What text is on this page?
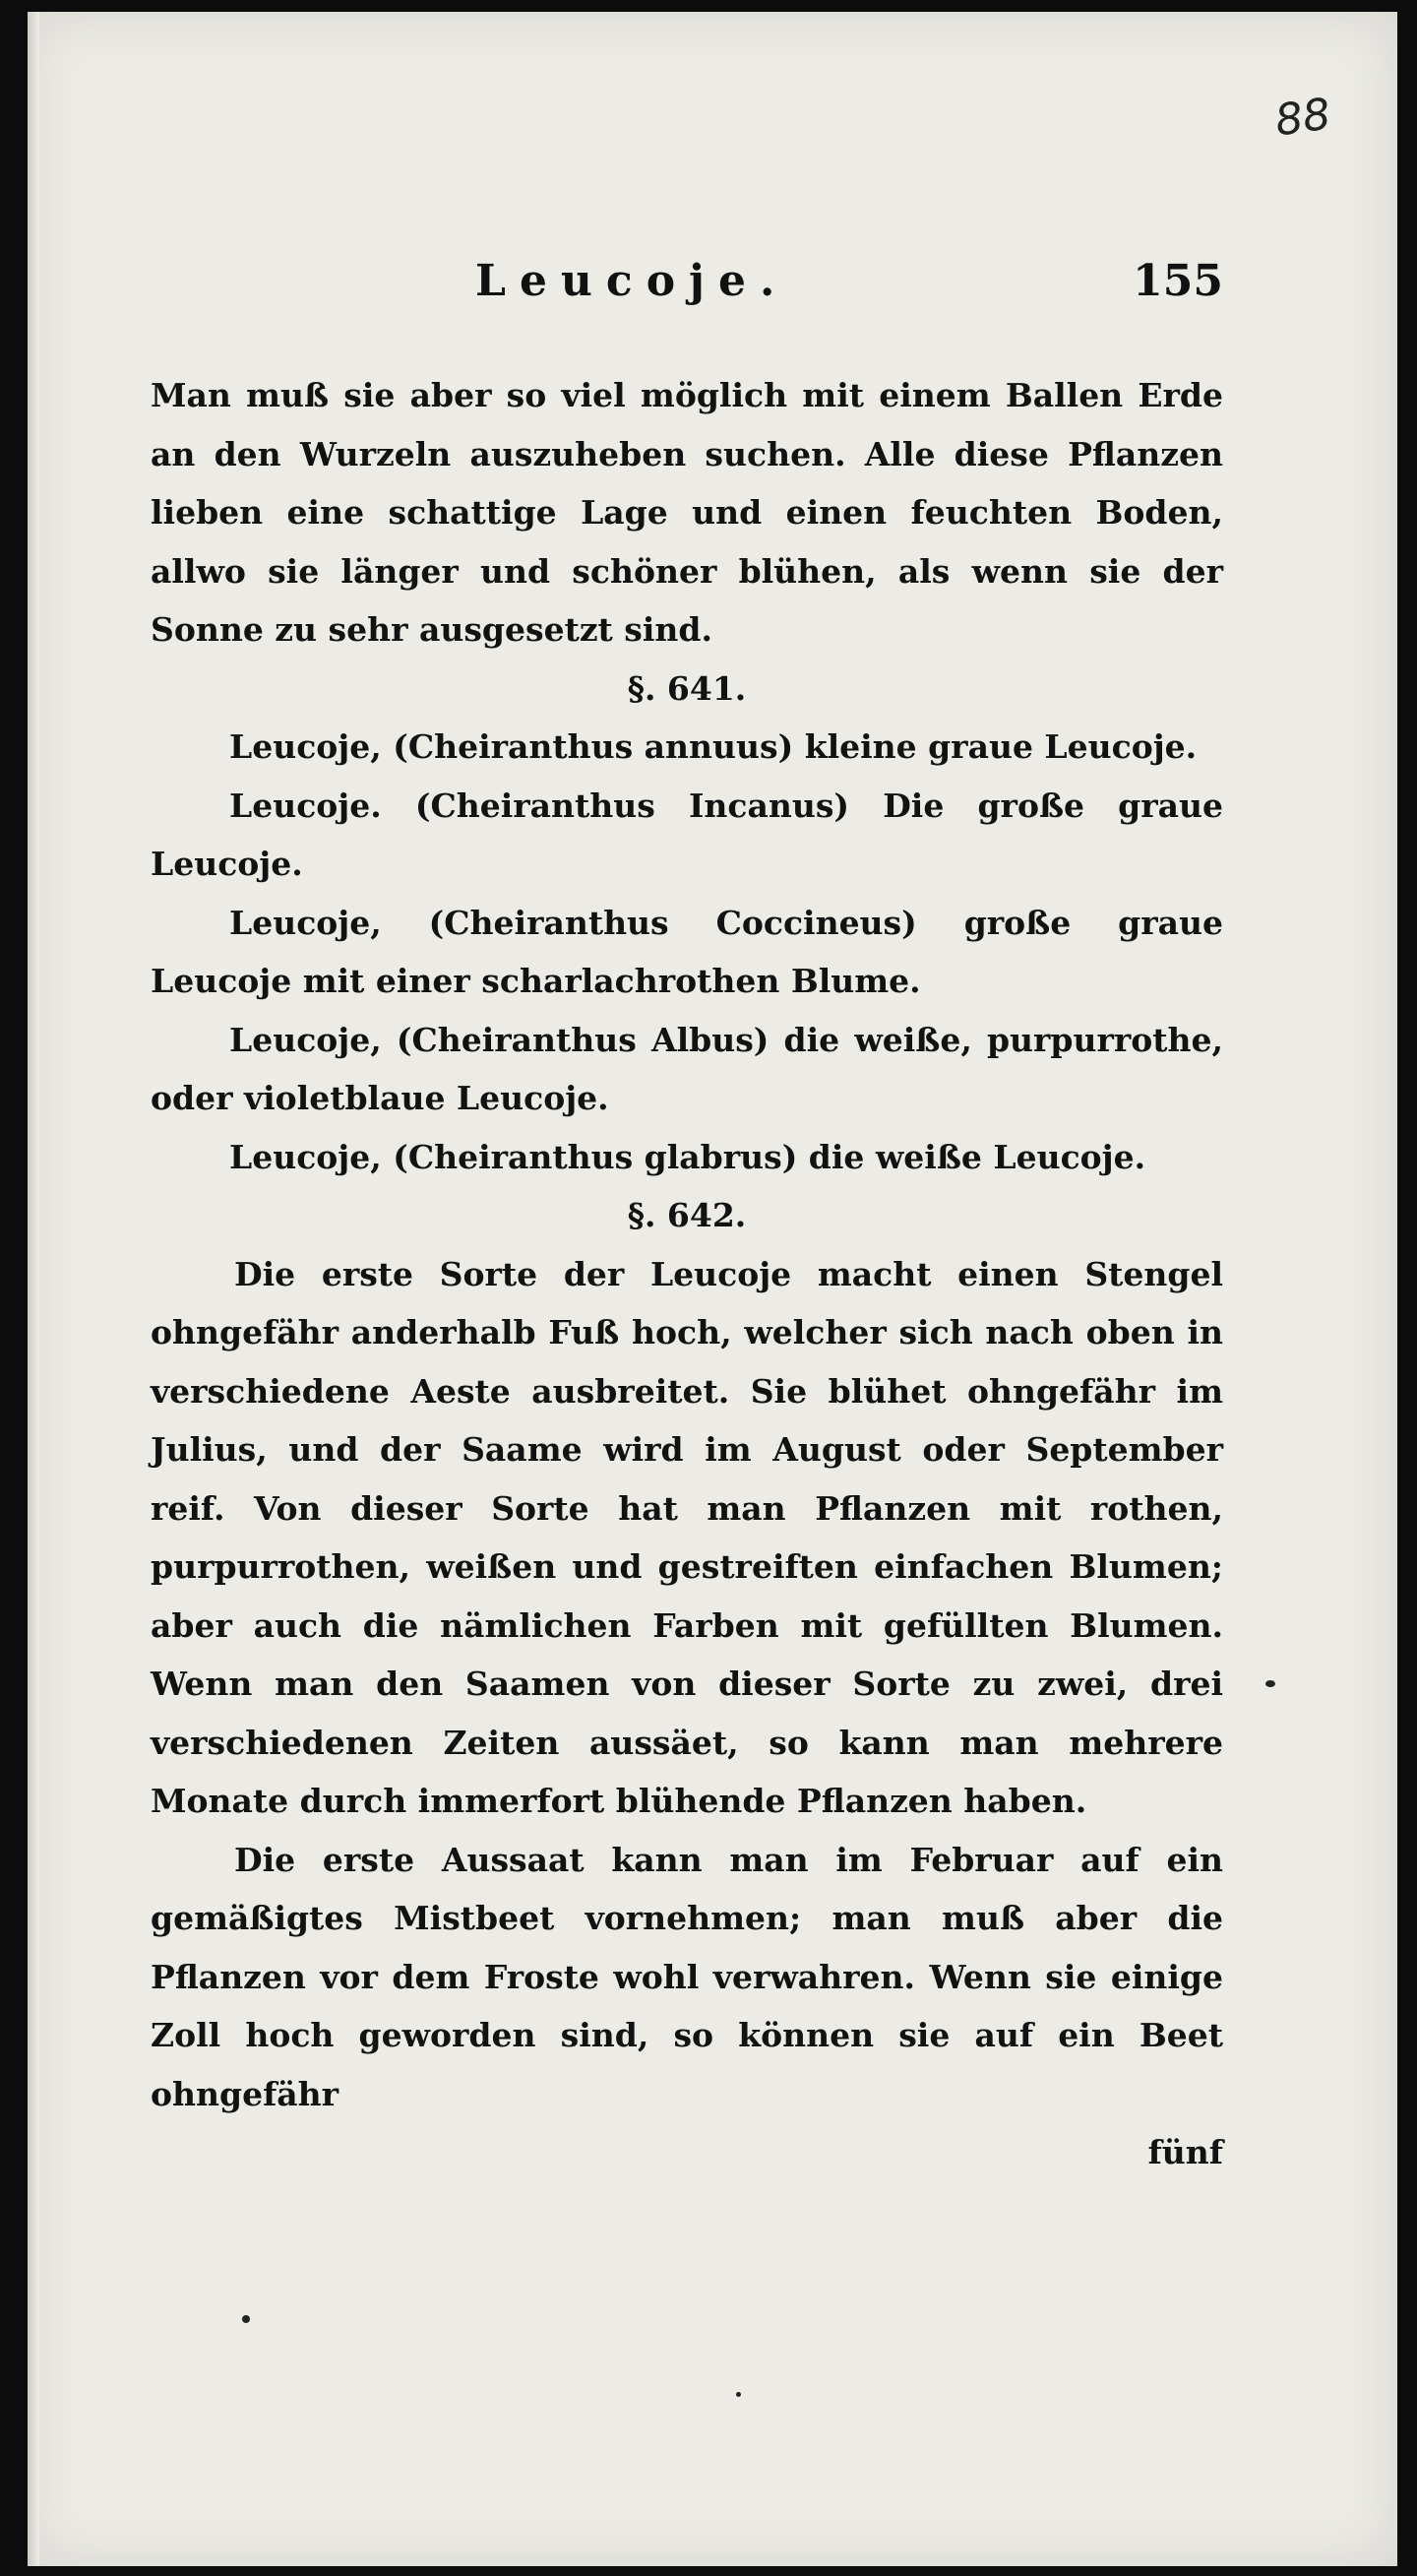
88
Leucoje.	155

Man muß sie aber so viel möglich mit einem Ballen Erde an den Wurzeln auszuheben suchen. Alle diese Pflanzen lieben eine schattige Lage und einen feuchten Boden, allwo sie länger und schöner blühen, als wenn sie der Sonne zu sehr ausgesetzt sind.

§. 641.

Leucoje, (Cheiranthus annuus) kleine graue Leucoje.

Leucoje. (Cheiranthus Incanus) Die große graue Leucoje.

Leucoje, (Cheiranthus Coccineus) große graue Leucoje mit einer scharlachrothen Blume.

Leucoje, (Cheiranthus Albus) die weiße, purpurrothe, oder violetblaue Leucoje.

Leucoje, (Cheiranthus glabrus) die weiße Leucoje.

§. 642.

Die erste Sorte der Leucoje macht einen Stengel ohngefähr anderhalb Fuß hoch, welcher sich nach oben in verschiedene Aeste ausbreitet. Sie blühet ohngefähr im Julius, und der Saame wird im August oder September reif. Von dieser Sorte hat man Pflanzen mit rothen, purpurrothen, weißen und gestreiften einfachen Blumen; aber auch die nämlichen Farben mit gefüllten Blumen. Wenn man den Saamen von dieser Sorte zu zwei, drei verschiedenen Zeiten aussäet, so kann man mehrere Monate durch immerfort blühende Pflanzen haben.

Die erste Aussaat kann man im Februar auf ein gemäßigtes Mistbeet vornehmen; man muß aber die Pflanzen vor dem Froste wohl verwahren. Wenn sie einige Zoll hoch geworden sind, so können sie auf ein Beet ohngefähr

fünf
